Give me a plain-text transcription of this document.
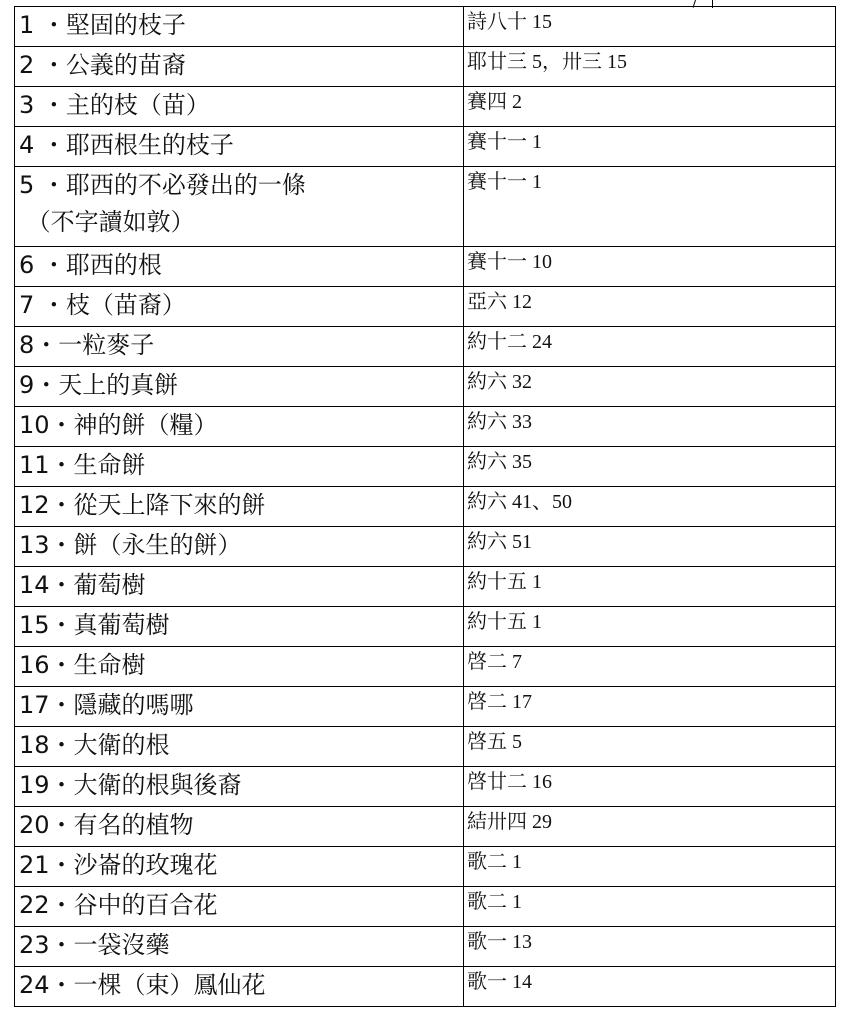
1 ・堅固的枝子	詩八十 15
2 ・公義的苗裔	耶廿三 5，卅三 15
3 ・主的枝（苗）	賽四 2
4 ・耶西根生的枝子	賽十一 1
5 ・耶西的不必發出的一條
（不字讀如敦）	賽十一 1
6 ・耶西的根	賽十一 10
7 ・枝（苗裔）	亞六 12
8・一粒麥子	約十二 24
9・天上的真餅	約六 32
10・神的餅（糧）	約六 33
11・生命餅	約六 35
12・從天上降下來的餅	約六 41、50
13・餅（永生的餅）	約六 51
14・葡萄樹	約十五 1
15・真葡萄樹	約十五 1
16・生命樹	啓二 7
17・隱藏的嗎哪	啓二 17
18・大衛的根	啓五 5
19・大衛的根與後裔	啓廿二 16
20・有名的植物	結卅四 29
21・沙崙的玫瑰花	歌二 1
22・谷中的百合花	歌二 1
23・一袋沒藥	歌一 13
24・一棵（束）鳳仙花	歌一 14
